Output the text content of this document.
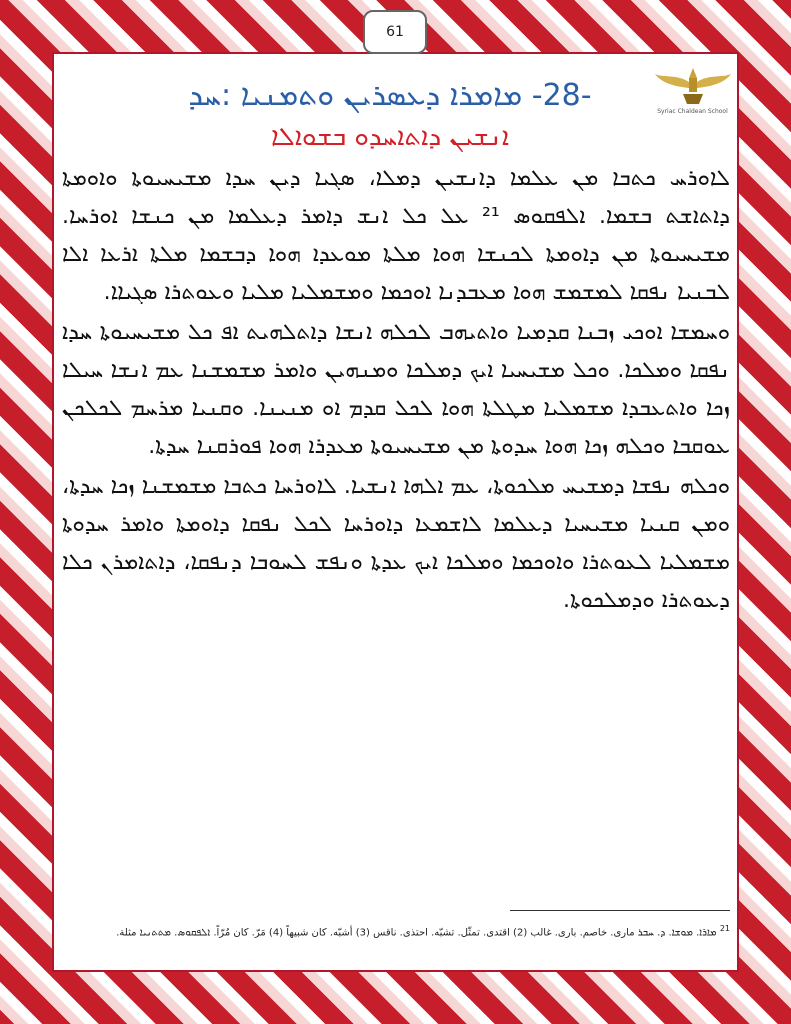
61
Syriac Chaldean School
-28- ܡܐܡܪܐ ܕܥܣܪܝܢ ܘܬܡܢܝܐ :ܚܕ
ܐܢܫܝܢ ܕܐܬܐܚܕܘ ܒܫܘܐܠܐ

ܠܐܘܪܚ ܟܬܒܐ ܡܢ ܥܠܡܐ ܕܐܢܫܝܢ ܕܡܠܐ، ܣܓܝܐ ܕܝܢ ܚܕܐ ܡܫܝܚܝܘܬܐ ܘܐܘܡܬܐ ܕܐܬܐܫܬ ܒܫܡܐ. ܐܠܦܩܘܣ ²¹ ܥܠ ܟܠ ܐܢܫ ܕܐܡܪ ܕܥܠܡܐ ܡܢ ܟܢܫܐ ܐܘܪܚܐ. ܡܫܝܚܝܘܬܐ ܡܢ ܕܐܘܡܬܐ ܠܟܢܫܐ ܗܘܐ ܡܠܬܐ ܡܘܥܕܐ ܗܘܐ ܕܒܫܡܐ ܡܠܬܐ ܐܪܥܐ ܐܠܐ ܠܒܢܝܐ ܢܦܩܐ ܠܡܫܡܫ ܗܘܐ ܡܥܒܕܢܐ ܐܘܟܡܐ ܘܡܫܡܠܝܐ ܡܠܝܐ ܘܥܘܬܪܐ ܣܓܝܐܐ.

ܘܚܡܫܐ ܐܘܟܝ ܙܒܢܐ ܩܕܡܝܐ ܘܐܬܝܗܒ ܠܟܠܗ ܐܢܫܐ ܕܐܬܠܗܝܬ ܐܦ ܟܠ ܡܫܝܚܝܘܬܐ ܚܕܐ ܢܦܩܐ ܘܡܠܟܐ. ܘܟܠ ܡܫܝܚܝܐ ܐܝܟ ܕܡܠܟܐ ܘܡܢܗܝܢ ܘܐܡܪ ܡܫܡܫܢܐ ܥܡ ܐܢܫܐ ܚܝܠܐ ܙܟܐ ܘܐܬܥܒܕܐ ܡܫܡܠܝܐ ܡܛܠܬܐ ܗܘܐ ܠܟܠ ܩܕܡ ܐܘ ܡܢܝܢܐ. ܘܩܢܝܐ ܡܪܚܡ ܠܟܠܟܢ ܥܘܩܒܐ ܘܟܠܗ ܙܟܐ ܗܘܐ ܚܕܘܬܐ ܡܢ ܡܫܝܚܝܘܬܐ ܡܥܕܪܐ ܗܘܐ ܦܘܪܩܢܐ ܚܕܬܐ.

ܘܟܠܗ ܢܦܫܐ ܕܡܫܝܚ ܡܠܟܘܬܐ، ܥܡ ܐܠܗܐ ܐܢܫܝܐ. ܠܐܘܪܚܐ ܟܬܒܐ ܡܫܡܫܢܐ ܙܟܐ ܚܕܬܐ، ܘܡܢ ܩܢܝܐ ܡܫܝܚܝܐ ܕܥܠܡܐ ܠܐܫܡܥܐ ܕܐܘܪܚܐ ܠܟܠ ܢܦܩܐ ܕܐܘܡܬܐ ܘܐܡܪ ܚܕܘܬܐ ܡܫܡܠܝܐ ܠܥܘܬܪܐ ܘܐܘܟܡܐ ܘܡܠܟܐ ܐܝܟ ܥܕܬܐ ܘܢܦܫ ܠܚܘܒܐ ܕܢܦܩܐ، ܕܐܬܐܡܪܢ ܟܠܐ ܕܥܘܬܪܐ ܘܕܡܠܟܘܬܐ.

$^{21}$ ܡܐܪܐ. ܡܘܫܐ. ܕ. ܚܒܪ مارى. خاصم. بارى. غالب (2) اقتدى. تمثّل. تشبّه. احتذى. ناقس (3) أشبّه. كان شبيهاً (4) مَرّ. كان مُرّاً. ܐܠܦܩܘܣ. ܡܬܬܢܝܐ مثلة.
